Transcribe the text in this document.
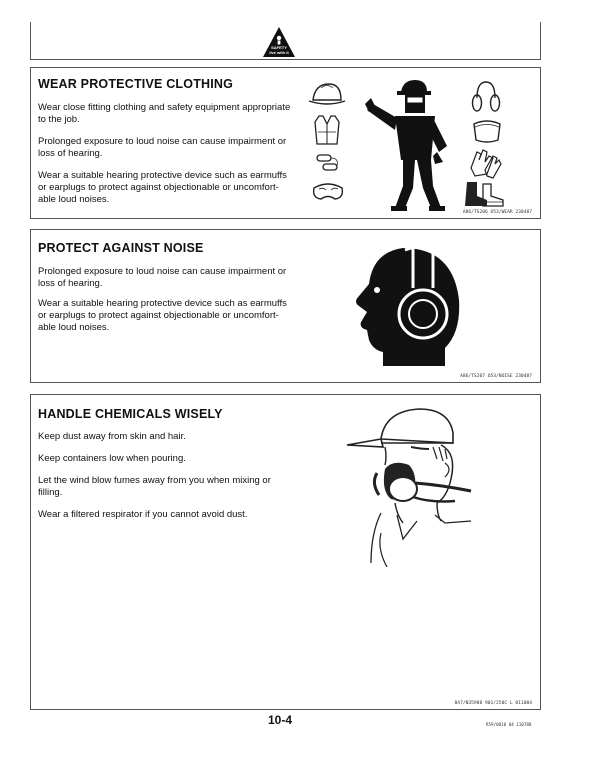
SAFETY
live with it
WEAR PROTECTIVE CLOTHING
Wear close fitting clothing and safety equipment appropriate to the job.
Prolonged exposure to loud noise can cause impairment or loss of hearing.
Wear a suitable hearing protective device such as earmuffs or earplugs to protect against objectionable or uncomfort-able loud noises.
A86/TS206 O53/WEAR 230487
PROTECT AGAINST NOISE
Prolonged exposure to loud noise can cause impairment or loss of hearing.
Wear a suitable hearing protective device such as earmuffs or earplugs to protect against objectionable or uncomfort-able loud noises.
A86/TS207 O53/NOISE 230487
HANDLE CHEMICALS WISELY
Keep dust away from skin and hair.
Keep containers low when pouring.
Let the wind blow fumes away from you when mixing or filling.
Wear a filtered respirator if you cannot avoid dust.
8A7/N35988 901/250C L 011084
10-4	R59/0010 04 110788
